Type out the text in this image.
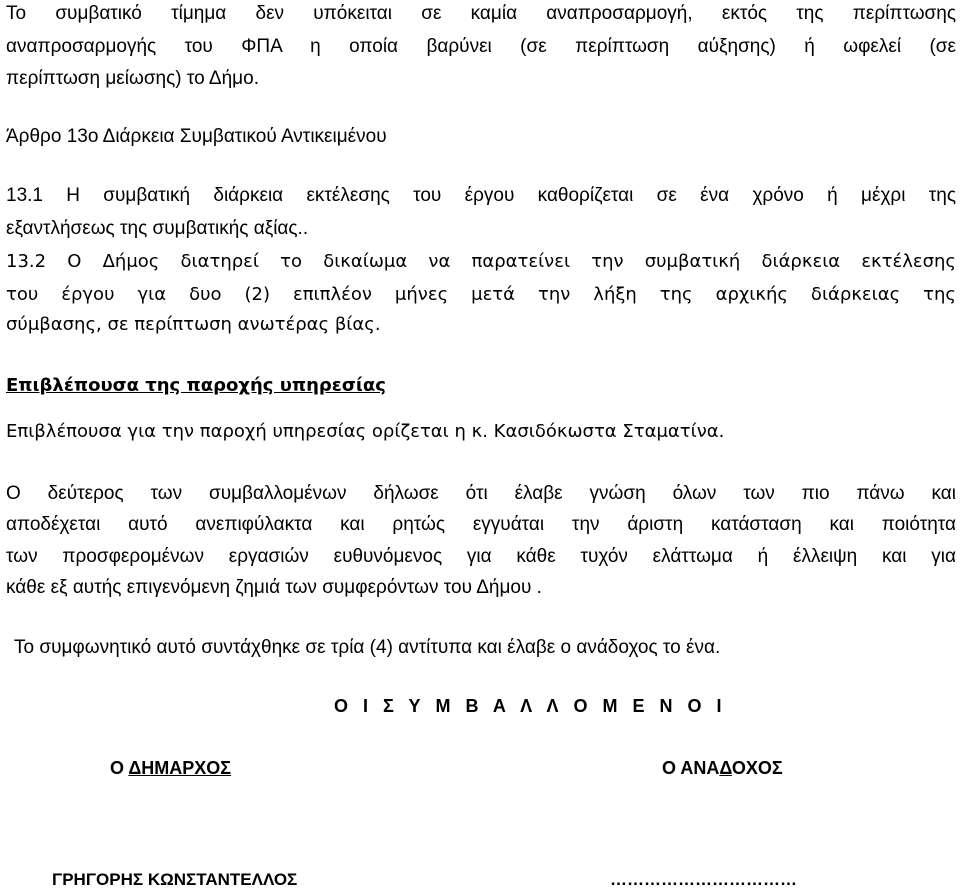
Το συμβατικό τίμημα δεν υπόκειται σε καμία αναπροσαρμογή, εκτός της περίπτωσης
αναπροσαρμογής του ΦΠΑ η οποία βαρύνει (σε περίπτωση αύξησης) ή ωφελεί (σε
περίπτωση μείωσης) το Δήμο.
Άρθρο 13ο Διάρκεια Συμβατικού Αντικειμένου
13.1 Η συμβατική διάρκεια εκτέλεσης του έργου καθορίζεται σε ένα χρόνο ή μέχρι της
εξαντλήσεως της συμβατικής αξίας..
13.2 Ο Δήμος διατηρεί το δικαίωμα να παρατείνει την συμβατική διάρκεια εκτέλεσης
του έργου για δυο (2) επιπλέον μήνες μετά την λήξη της αρχικής διάρκειας της
σύμβασης, σε περίπτωση ανωτέρας βίας.
Επιβλέπουσα της παροχής υπηρεσίας
Επιβλέπουσα για την παροχή υπηρεσίας ορίζεται η κ. Κασιδόκωστα Σταματίνα.
Ο δεύτερος των συμβαλλομένων δήλωσε ότι έλαβε γνώση όλων των πιο πάνω και
αποδέχεται αυτό ανεπιφύλακτα και ρητώς εγγυάται την άριστη κατάσταση και ποιότητα
των προσφερομένων εργασιών ευθυνόμενος για κάθε τυχόν ελάττωμα ή έλλειψη και για
κάθε εξ αυτής επιγενόμενη ζημιά των συμφερόντων του Δήμου .
Το συμφωνητικό αυτό συντάχθηκε σε τρία (4) αντίτυπα και έλαβε ο ανάδοχος το ένα.
Ο Ι Σ Υ Μ Β Α Λ Λ Ο Μ Ε Ν Ο Ι
Ο ΔΗΜΑΡΧΟΣ	Ο ΑΝΑΔΟΧΟΣ
ΓΡΗΓΟΡΗΣ ΚΩΝΣΤΑΝΤΕΛΛΟΣ	……………………………
